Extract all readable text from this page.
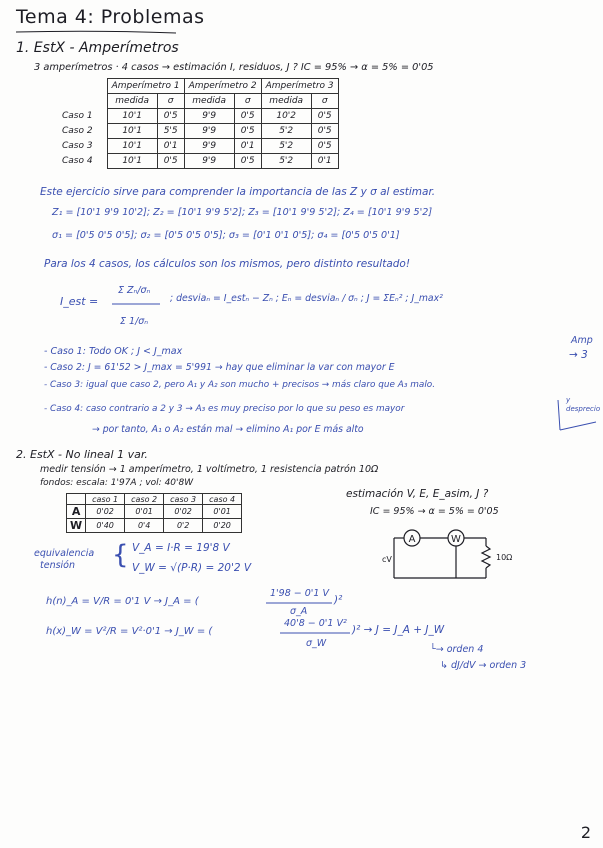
Tema 4: Problemas
1. EstX - Amperímetros
3 amperímetros · 4 casos → estimación I, residuos, J ? IC = 95% → α = 5% = 0'05
	Amperímetro 1		Amperímetro 2		Amperímetro 3	
	medida	σ	medida	σ	medida	σ
Caso 1	10'1	0'5	9'9	0'5	10'2	0'5
Caso 2	10'1	5'5	9'9	0'5	5'2	0'5
Caso 3	10'1	0'1	9'9	0'1	5'2	0'5
Caso 4	10'1	0'5	9'9	0'5	5'2	0'1
Este ejercicio sirve para comprender la importancia de las Z y σ al estimar.
Z₁ = [10'1 9'9 10'2]; Z₂ = [10'1 9'9 5'2]; Z₃ = [10'1 9'9 5'2]; Z₄ = [10'1 9'9 5'2]
σ₁ = [0'5 0'5 0'5]; σ₂ = [0'5 0'5 0'5]; σ₃ = [0'1 0'1 0'5]; σ₄ = [0'5 0'5 0'1]
Para los 4 casos, los cálculos son los mismos, pero distinto resultado!
I_est =
Σ Zₙ/σₙ
Σ 1/σₙ
; desviaₙ = I_estₙ − Zₙ ; Eₙ = desviaₙ / σₙ ; J = ΣEₙ² ; J_max²
Amp
→ 3
- Caso 1: Todo OK ; J < J_max
- Caso 2: J = 61'52 > J_max = 5'991 → hay que eliminar la var con mayor E
- Caso 3: igual que caso 2, pero A₁ y A₂ son mucho + precisos → más claro que A₃ malo.
- Caso 4: caso contrario a 2 y 3 → A₃ es muy preciso por lo que su peso es mayor
→ por tanto, A₁ o A₂ están mal → elimino A₁ por E más alto
y desprecio
2. EstX - No lineal 1 var.
medir tensión → 1 amperímetro, 1 voltímetro, 1 resistencia patrón 10Ω
fondos: escala: 1'97A ; vol: 40'8W
	caso 1	caso 2	caso 3	caso 4
A	0'02	0'01	0'02	0'01
W	0'40	0'4	0'2	0'20
estimación V, E, E_asim, J ?
IC = 95% → α = 5% = 0'05
A	W
cV	10Ω
equivalencia
tensión { V_A = I·R = 19'8 V
V_W = √(P·R) = 20'2 V
h(n)_A = V/R = 0'1 V → J_A = (
1'98 − 0'1 V
σ_A
)²
h(x)_W = V²/R = V²·0'1 → J_W = (
40'8 − 0'1 V²
σ_W
)² → J = J_A + J_W
└→ orden 4
↳ dJ/dV → orden 3
2
